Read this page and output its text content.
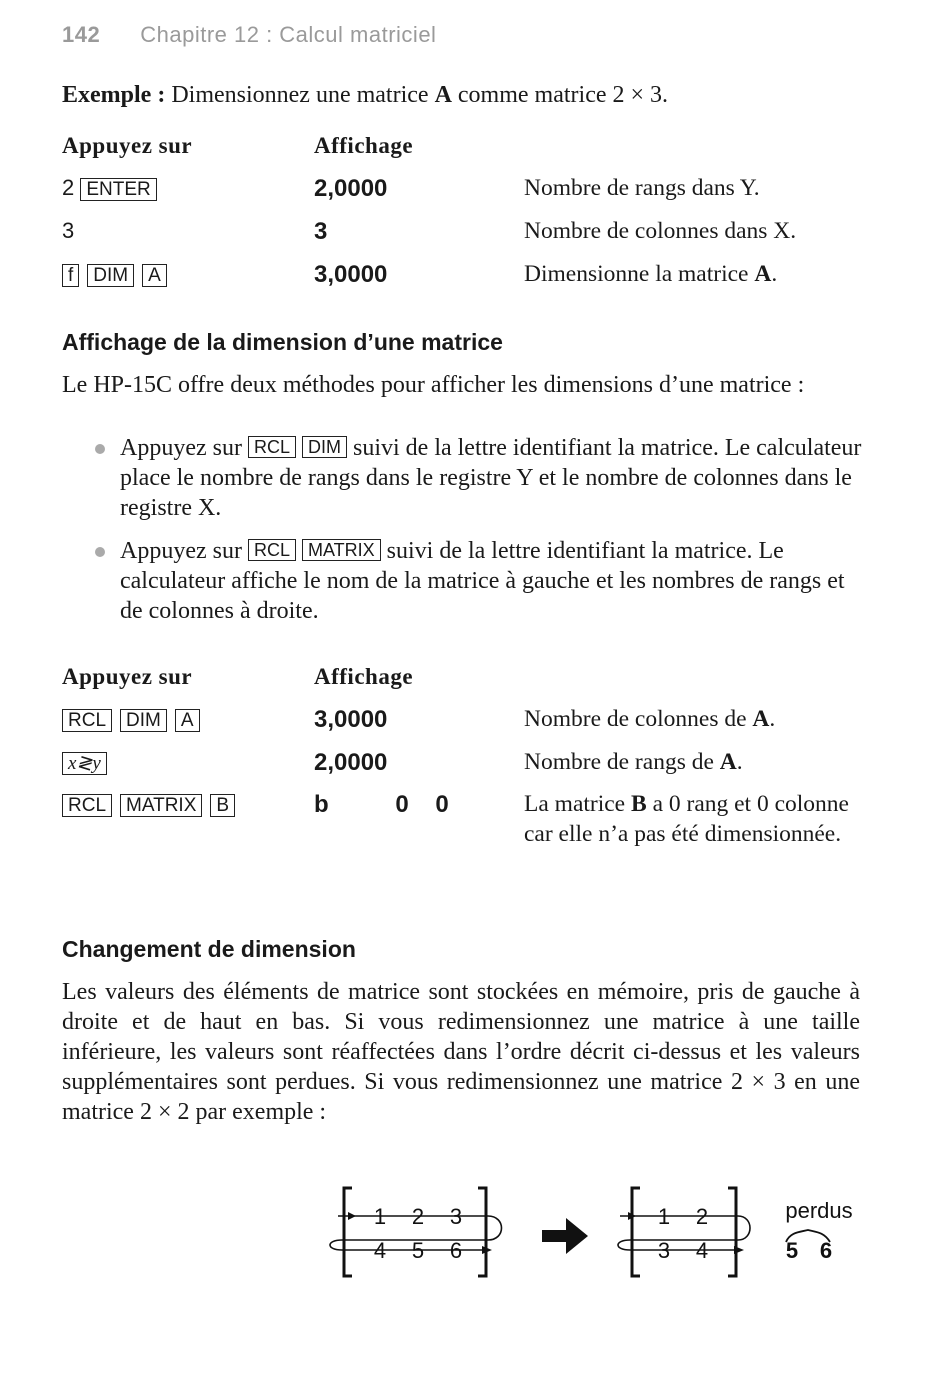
142 Chapitre 12 : Calcul matriciel
Exemple : Dimensionnez une matrice A comme matrice 2 × 3.
Appuyez sur	Affichage
2 ENTER	2,0000	Nombre de rangs dans Y.
3	3	Nombre de colonnes dans X.
f DIM A	3,0000	Dimensionne la matrice A.
Affichage de la dimension d’une matrice
Le HP-15C offre deux méthodes pour afficher les dimensions d’une matrice :
Appuyez sur RCL DIM suivi de la lettre identifiant la matrice. Le calculateur place le nombre de rangs dans le registre Y et le nombre de colonnes dans le registre X.
Appuyez sur RCL MATRIX suivi de la lettre identifiant la matrice. Le calculateur affiche le nom de la matrice à gauche et les nombres de rangs et de colonnes à droite.
Appuyez sur	Affichage
RCL DIM A	3,0000	Nombre de colonnes de A.
x≷y	2,0000	Nombre de rangs de A.
RCL MATRIX B	b          0    0	La matrice B a 0 rang et 0 colonne car elle n’a pas été dimensionnée.
Changement de dimension
Les valeurs des éléments de matrice sont stockées en mémoire, pris de gauche à droite et de haut en bas. Si vous redimensionnez une matrice à une taille inférieure, les valeurs sont réaffectées dans l’ordre décrit ci-dessus et les valeurs supplémentaires sont perdues. Si vous redimensionnez une matrice 2 × 3 en une matrice 2 × 2 par exemple :
1 2 3
4 5 6
1 2
3 4
perdus
5 6
